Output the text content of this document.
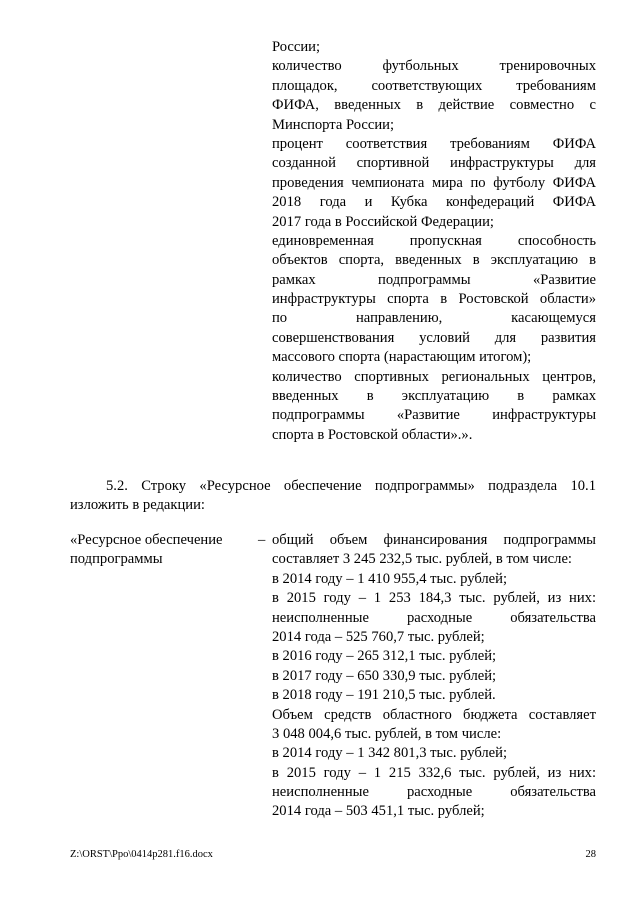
России;
количество футбольных тренировочных
площадок, соответствующих требованиям
ФИФА, введенных в действие совместно с
Минспорта России;
процент соответствия требованиям ФИФА
созданной спортивной инфраструктуры для
проведения чемпионата мира по футболу ФИФА
2018 года и Кубка конфедераций ФИФА
2017 года в Российской Федерации;
единовременная пропускная способность
объектов спорта, введенных в эксплуатацию в
рамках подпрограммы «Развитие
инфраструктуры спорта в Ростовской области»
по направлению, касающемуся
совершенствования условий для развития
массового спорта (нарастающим итогом);
количество спортивных региональных центров,
введенных в эксплуатацию в рамках
подпрограммы «Развитие инфраструктуры
спорта в Ростовской области».».
5.2. Строку «Ресурсное обеспечение подпрограммы» подраздела 10.1
изложить в редакции:
«Ресурсное обеспечение
подпрограммы
– общий объем финансирования подпрограммы
составляет 3 245 232,5 тыс. рублей, в том числе:
в 2014 году – 1 410 955,4 тыс. рублей;
в 2015 году – 1 253 184,3 тыс. рублей, из них:
неисполненные расходные обязательства
2014 года – 525 760,7 тыс. рублей;
в 2016 году – 265 312,1 тыс. рублей;
в 2017 году – 650 330,9 тыс. рублей;
в 2018 году – 191 210,5 тыс. рублей.
Объем средств областного бюджета составляет
3 048 004,6 тыс. рублей, в том числе:
в 2014 году – 1 342 801,3 тыс. рублей;
в 2015 году – 1 215 332,6 тыс. рублей, из них:
неисполненные расходные обязательства
2014 года – 503 451,1 тыс. рублей;
Z:\ORST\Ppo\0414p281.f16.docx	28
